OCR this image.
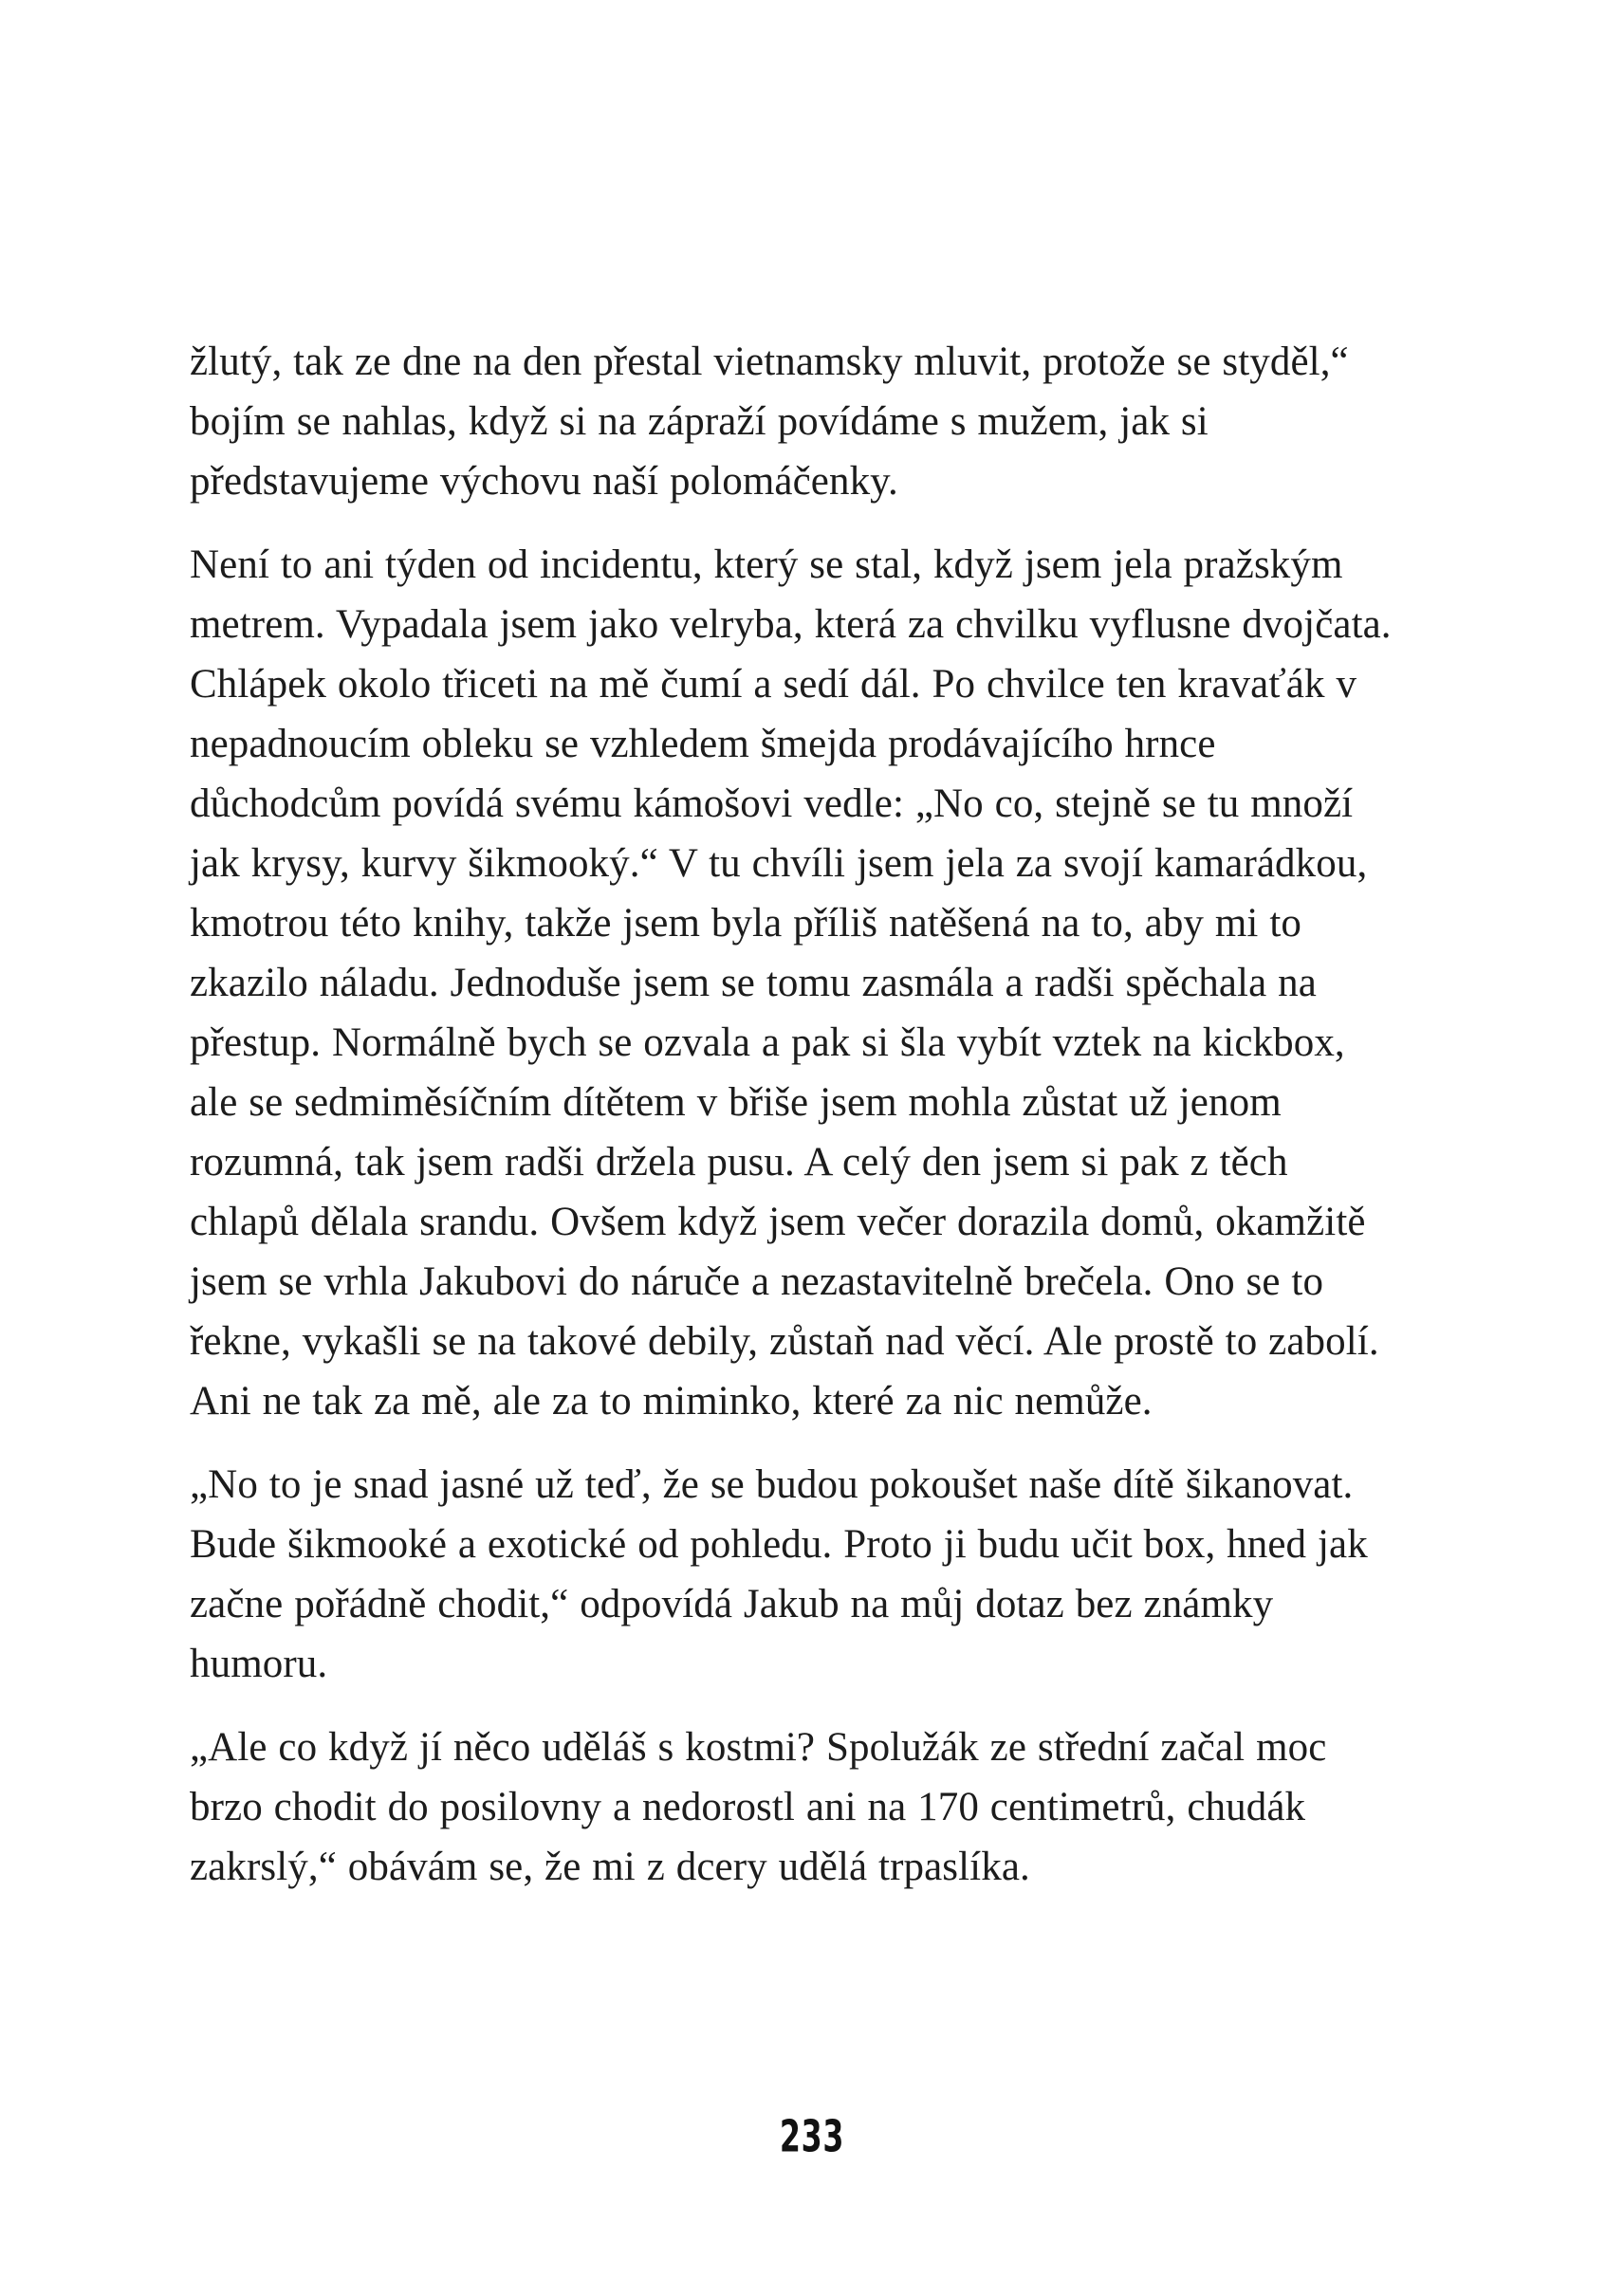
žlutý, tak ze dne na den přestal vietnamsky mluvit, protože se styděl,“ bojím se nahlas, když si na zápraží povídáme s mužem, jak si představujeme výchovu naší polomáčenky.

Není to ani týden od incidentu, který se stal, když jsem jela pražským metrem. Vypadala jsem jako velryba, která za chvilku vyflusne dvojčata. Chlápek okolo třiceti na mě čumí a sedí dál. Po chvilce ten kravaťák v nepadnoucím obleku se vzhledem šmejda prodávajícího hrnce důchodcům povídá svému kámošovi vedle: „No co, stejně se tu množí jak krysy, kurvy šikmooký.“ V tu chvíli jsem jela za svojí kamarádkou, kmotrou této knihy, takže jsem byla příliš natěšená na to, aby mi to zkazilo náladu. Jednoduše jsem se tomu zasmála a radši spěchala na přestup. Normálně bych se ozvala a pak si šla vybít vztek na kickbox, ale se sedmiměsíčním dítětem v břiše jsem mohla zůstat už jenom rozumná, tak jsem radši držela pusu. A celý den jsem si pak z těch chlapů dělala srandu. Ovšem když jsem večer dorazila domů, okamžitě jsem se vrhla Jakubovi do náruče a nezastavitelně brečela. Ono se to řekne, vykašli se na takové debily, zůstaň nad věcí. Ale prostě to zabolí. Ani ne tak za mě, ale za to miminko, které za nic nemůže.

„No to je snad jasné už teď, že se budou pokoušet naše dítě šikanovat. Bude šikmooké a exotické od pohledu. Proto ji budu učit box, hned jak začne pořádně chodit,“ odpovídá Jakub na můj dotaz bez známky humoru.

„Ale co když jí něco uděláš s kostmi? Spolužák ze střední začal moc brzo chodit do posilovny a nedorostl ani na 170 centimetrů, chudák zakrslý,“ obávám se, že mi z dcery udělá trpaslíka.

233
